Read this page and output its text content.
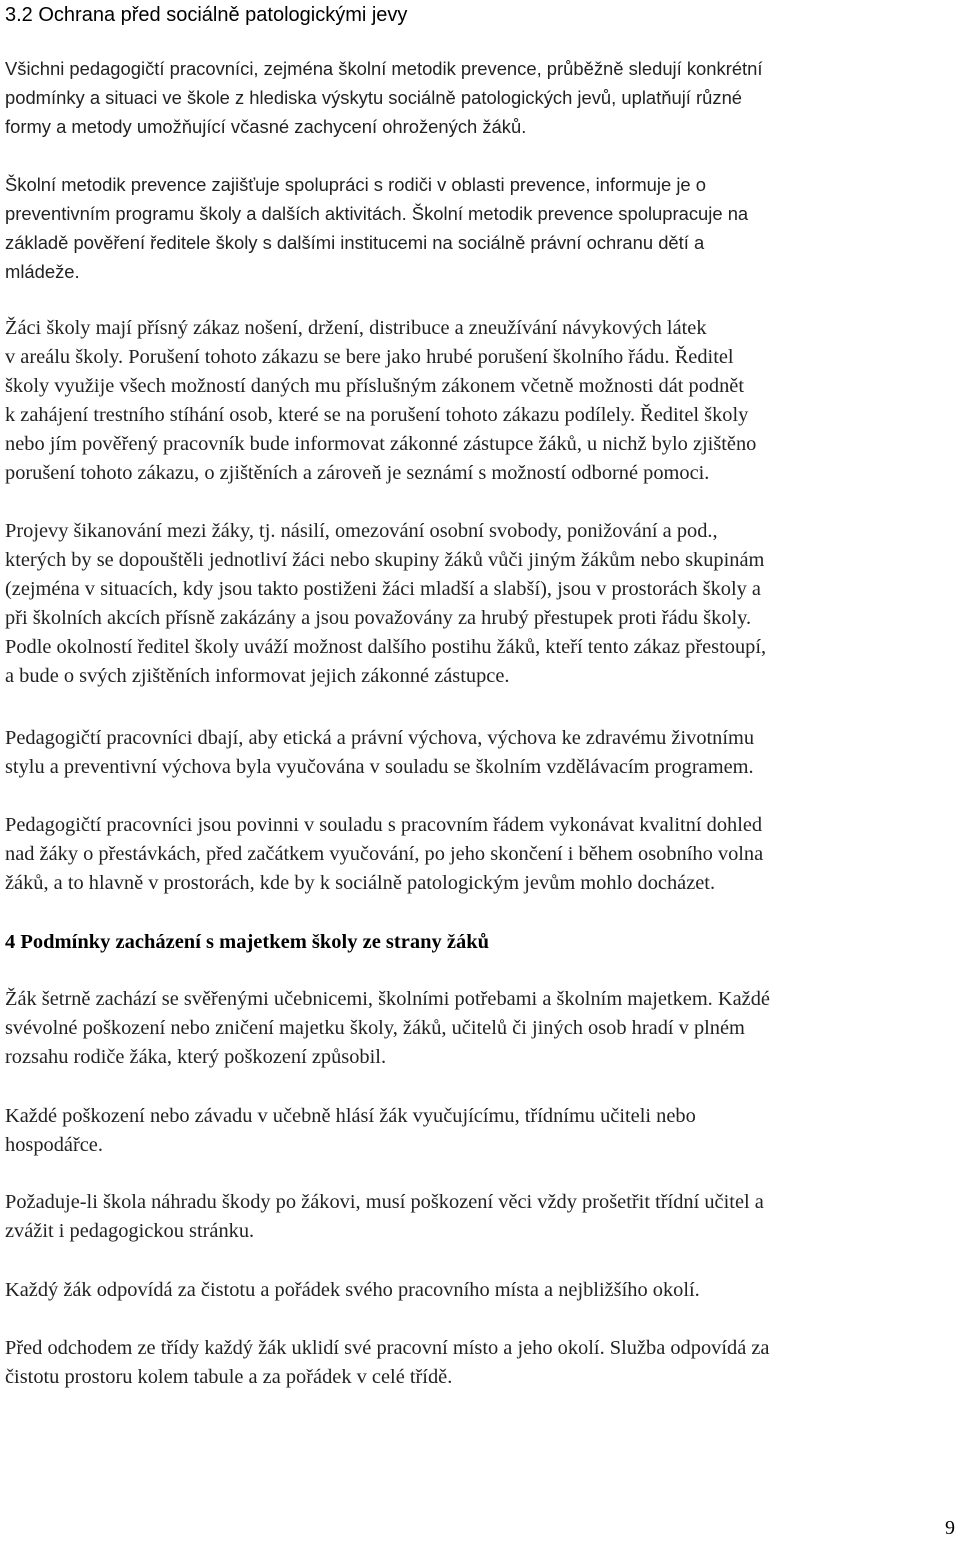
3.2 Ochrana před sociálně patologickými jevy

Všichni pedagogičtí pracovníci, zejména školní metodik prevence, průběžně sledují konkrétní
podmínky a situaci ve škole z hlediska výskytu sociálně patologických jevů, uplatňují různé
formy a metody umožňující včasné zachycení ohrožených žáků.

Školní metodik prevence zajišťuje spolupráci s rodiči v oblasti prevence, informuje je o
preventivním programu školy a dalších aktivitách. Školní metodik prevence spolupracuje na
základě pověření ředitele školy s dalšími institucemi na sociálně právní ochranu dětí a
mládeže.

Žáci školy mají přísný zákaz nošení, držení, distribuce a zneužívání návykových látek
v areálu školy. Porušení tohoto zákazu se bere jako hrubé porušení školního řádu. Ředitel
školy využije všech možností daných mu příslušným zákonem včetně možnosti dát podnět
k zahájení trestního stíhání osob, které se na porušení tohoto zákazu podílely. Ředitel školy
nebo jím pověřený pracovník bude informovat zákonné zástupce žáků, u nichž bylo zjištěno
porušení tohoto zákazu, o zjištěních a zároveň je seznámí s možností odborné pomoci.

Projevy šikanování mezi žáky, tj. násilí, omezování osobní svobody, ponižování a pod.,
kterých by se dopouštěli jednotliví žáci nebo skupiny žáků vůči jiným žákům nebo skupinám
(zejména v situacích, kdy jsou takto postiženi žáci mladší a slabší), jsou v prostorách školy a
při školních akcích přísně zakázány a jsou považovány za hrubý přestupek proti řádu školy.
Podle okolností ředitel školy uváží možnost dalšího postihu žáků, kteří tento zákaz přestoupí,
a bude o svých zjištěních informovat jejich zákonné zástupce.

Pedagogičtí pracovníci dbají, aby etická a právní výchova, výchova ke zdravému životnímu
stylu a preventivní výchova byla vyučována v souladu se školním vzdělávacím programem.

Pedagogičtí pracovníci jsou povinni v souladu s pracovním řádem vykonávat kvalitní dohled
nad žáky o přestávkách, před začátkem vyučování, po jeho skončení i během osobního volna
žáků, a to hlavně v prostorách, kde by k sociálně patologickým jevům mohlo docházet.

4 Podmínky zacházení s majetkem školy ze strany žáků

Žák šetrně zachází se svěřenými učebnicemi, školními potřebami a školním majetkem. Každé
svévolné poškození nebo zničení majetku školy, žáků, učitelů či jiných osob hradí v plném
rozsahu rodiče žáka, který poškození způsobil.

Každé poškození nebo závadu v učebně hlásí žák vyučujícímu, třídnímu učiteli nebo
hospodářce.

Požaduje-li škola náhradu škody po žákovi, musí poškození věci vždy prošetřit třídní učitel a
zvážit i pedagogickou stránku.

Každý žák odpovídá za čistotu a pořádek svého pracovního místa a nejbližšího okolí.

Před odchodem ze třídy každý žák uklidí své pracovní místo a jeho okolí. Služba odpovídá za
čistotu prostoru kolem tabule a za pořádek v celé třídě.

9
